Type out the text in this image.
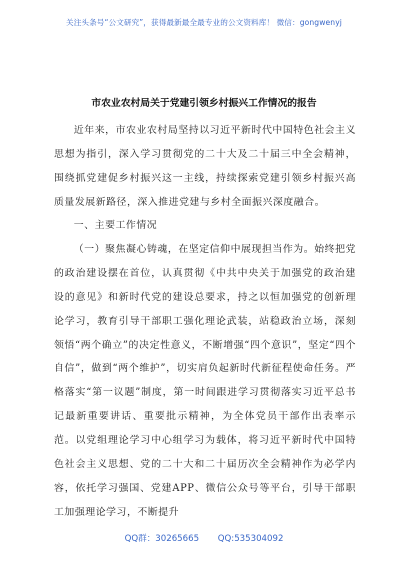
关注头条号“公文研究”，获得最新最全最专业的公文资料库！ 微信：gongwenyj
市农业农村局关于党建引领乡村振兴工作情况的报告

近年来，市农业农村局坚持以习近平新时代中国特色社会主义思想为指引，深入学习贯彻党的二十大及二十届三中全会精神，围绕抓党建促乡村振兴这一主线，持续探索党建引领乡村振兴高质量发展新路径，深入推进党建与乡村全面振兴深度融合。

一、主要工作情况

（一）聚焦凝心铸魂，在坚定信仰中展现担当作为。始终把党的政治建设摆在首位，认真贯彻《中共中央关于加强党的政治建设的意见》和新时代党的建设总要求，持之以恒加强党的创新理论学习，教育引导干部职工强化理论武装，站稳政治立场，深刻领悟“两个确立”的决定性意义，不断增强“四个意识”，坚定“四个自信”，做到“两个维护”，切实肩负起新时代新征程使命任务。严格落实“第一议题”制度，第一时间跟进学习贯彻落实习近平总书记最新重要讲话、重要批示精神，为全体党员干部作出表率示范。以党组理论学习中心组学习为载体，将习近平新时代中国特色社会主义思想、党的二十大和二十届历次全会精神作为必学内容，依托学习强国、党建APP、微信公众号等平台，引导干部职工加强理论学习，不断提升

QQ群：30265665 QQ:535304092
